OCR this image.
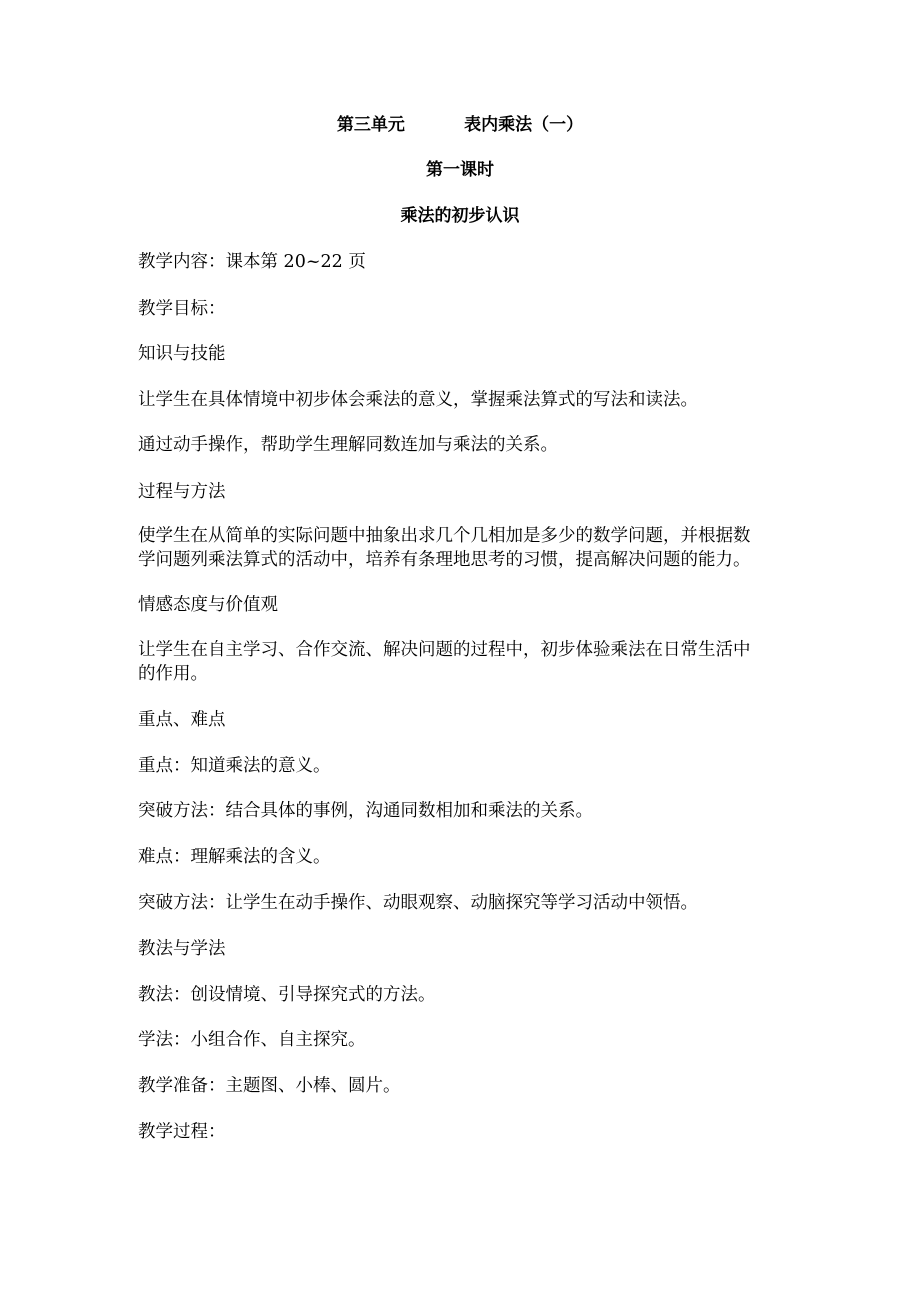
第三单元          表内乘法（一）
第一课时
乘法的初步认识
教学内容：课本第 20~22 页
教学目标：
知识与技能
让学生在具体情境中初步体会乘法的意义，掌握乘法算式的写法和读法。
通过动手操作，帮助学生理解同数连加与乘法的关系。
过程与方法
使学生在从简单的实际问题中抽象出求几个几相加是多少的数学问题，并根据数
学问题列乘法算式的活动中，培养有条理地思考的习惯，提高解决问题的能力。
情感态度与价值观
让学生在自主学习、合作交流、解决问题的过程中，初步体验乘法在日常生活中
的作用。
重点、难点
重点：知道乘法的意义。
突破方法：结合具体的事例，沟通同数相加和乘法的关系。
难点：理解乘法的含义。
突破方法：让学生在动手操作、动眼观察、动脑探究等学习活动中领悟。
教法与学法
教法：创设情境、引导探究式的方法。
学法：小组合作、自主探究。
教学准备：主题图、小棒、圆片。
教学过程：
